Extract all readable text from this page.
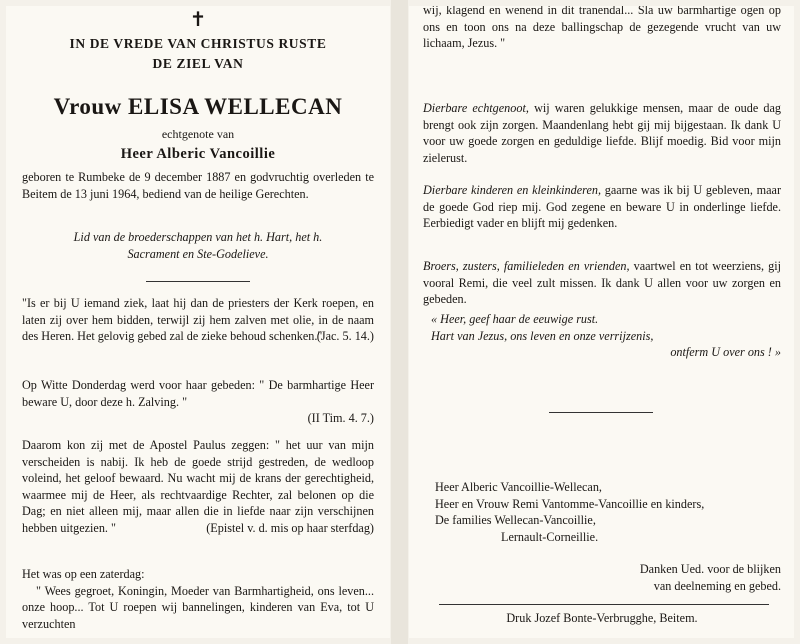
✝
IN DE VREDE VAN CHRISTUS RUSTE
DE ZIEL VAN
Vrouw ELISA WELLECAN
echtgenote van
Heer Alberic Vancoillie
geboren te Rumbeke de 9 december 1887 en godvruchtig overleden te Beitem de 13 juni 1964, bediend van de heilige Gerechten.
Lid van de broederschappen van het h. Hart, het h.
Sacrament en Ste-Godelieve.
"Is er bij U iemand ziek, laat hij dan de priesters der Kerk roepen, en laten zij over hem bidden, terwijl zij hem zalven met olie, in de naam des Heren. Het gelovig gebed zal de zieke behoud schenken."
(Jac. 5. 14.)
Op Witte Donderdag werd voor haar gebeden: " De barmhartige Heer beware U, door deze h. Zalving. "
(II Tim. 4. 7.)
Daarom kon zij met de Apostel Paulus zeggen: " het uur van mijn verscheiden is nabij. Ik heb de goede strijd gestreden, de wedloop voleind, het geloof bewaard. Nu wacht mij de krans der gerechtigheid, waarmee mij de Heer, als rechtvaardige Rechter, zal belonen op die Dag; en niet alleen mij, maar allen die in liefde naar zijn verschijnen hebben uitgezien. "	(Epistel v. d. mis op haar sterfdag)
Het was op een zaterdag:
" Wees gegroet, Koningin, Moeder van Barmhartigheid, ons leven... onze hoop... Tot U roepen wij bannelingen, kinderen van Eva, tot U verzuchten
wij, klagend en wenend in dit tranendal... Sla uw barmhartige ogen op ons en toon ons na deze ballingschap de gezegende vrucht van uw lichaam, Jezus. "
Dierbare echtgenoot, wij waren gelukkige mensen, maar de oude dag brengt ook zijn zorgen. Maandenlang hebt gij mij bijgestaan. Ik dank U voor uw goede zorgen en geduldige liefde. Blijf moedig. Bid voor mijn zielerust.
Dierbare kinderen en kleinkinderen, gaarne was ik bij U gebleven, maar de goede God riep mij. God zegene en beware U in onderlinge liefde. Eerbiedigt vader en blijft mij gedenken.
Broers, zusters, familieleden en vrienden, vaartwel en tot weerziens, gij vooral Remi, die veel zult missen. Ik dank U allen voor uw zorgen en gebeden.
« Heer, geef haar de eeuwige rust.
Hart van Jezus, ons leven en onze verrijzenis,
ontferm U over ons ! »
Heer Alberic Vancoillie-Wellecan,
Heer en Vrouw Remi Vantomme-Vancoillie en kinders,
De families Wellecan-Vancoillie,
Lernault-Corneillie.
Danken Ued. voor de blijken
van deelneming en gebed.
Druk Jozef Bonte-Verbrugghe, Beitem.
